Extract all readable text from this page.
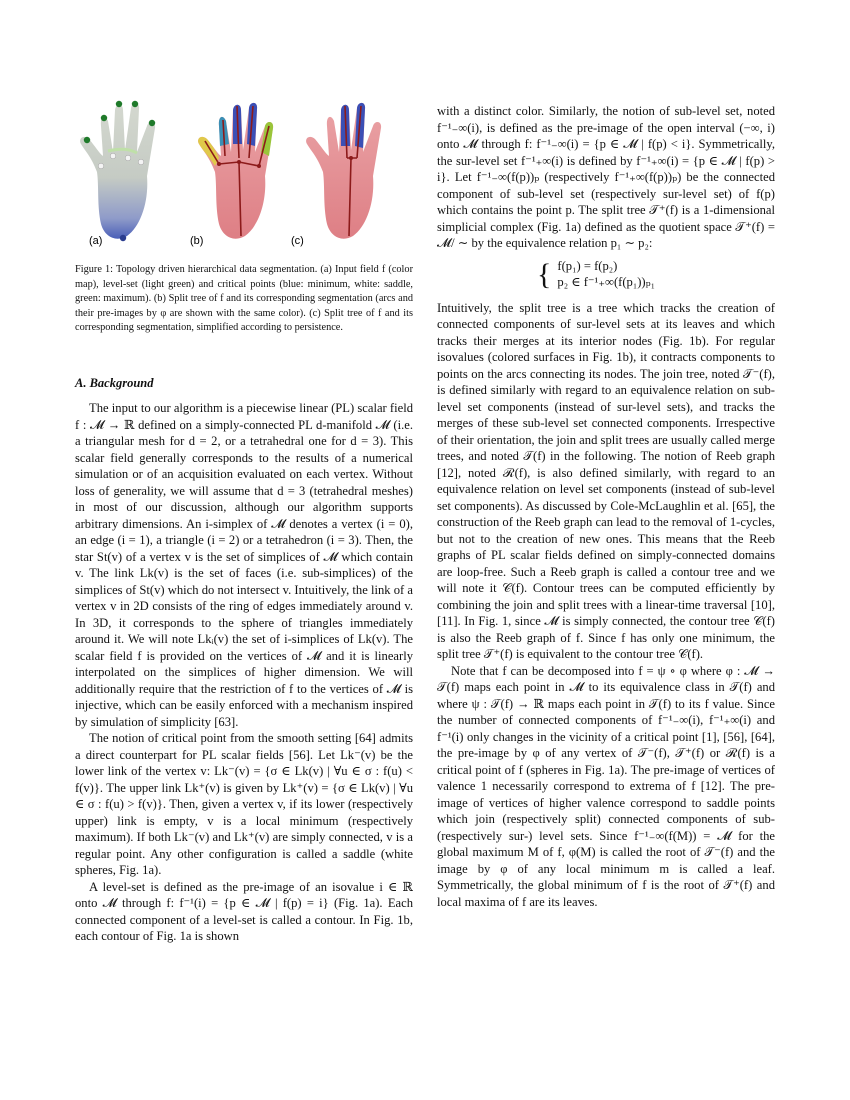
(a)	(b)	(c)

Figure 1: Topology driven hierarchical data segmentation. (a) Input field f (color map), level-set (light green) and critical points (blue: minimum, white: saddle, green: maximum). (b) Split tree of f and its corresponding segmentation (arcs and their pre-images by φ are shown with the same color). (c) Split tree of f and its corresponding segmentation, simplified according to persistence.

A. Background

The input to our algorithm is a piecewise linear (PL) scalar field f : 𝓜 → ℝ defined on a simply-connected PL d-manifold 𝓜 (i.e. a triangular mesh for d = 2, or a tetrahedral one for d = 3). This scalar field generally corresponds to the results of a numerical simulation or of an acquisition evaluated on each vertex. Without loss of generality, we will assume that d = 3 (tetrahedral meshes) in most of our discussion, although our algorithm supports arbitrary dimensions. An i-simplex of 𝓜 denotes a vertex (i = 0), an edge (i = 1), a triangle (i = 2) or a tetrahedron (i = 3). Then, the star St(v) of a vertex v is the set of simplices of 𝓜 which contain v. The link Lk(v) is the set of faces (i.e. sub-simplices) of the simplices of St(v) which do not intersect v. Intuitively, the link of a vertex v in 2D consists of the ring of edges immediately around v. In 3D, it corresponds to the sphere of triangles immediately around it. We will note Lkᵢ(v) the set of i-simplices of Lk(v). The scalar field f is provided on the vertices of 𝓜 and it is linearly interpolated on the simplices of higher dimension. We will additionally require that the restriction of f to the vertices of 𝓜 is injective, which can be easily enforced with a mechanism inspired by simulation of simplicity [63].

The notion of critical point from the smooth setting [64] admits a direct counterpart for PL scalar fields [56]. Let Lk⁻(v) be the lower link of the vertex v: Lk⁻(v) = {σ ∈ Lk(v) | ∀u ∈ σ : f(u) < f(v)}. The upper link Lk⁺(v) is given by Lk⁺(v) = {σ ∈ Lk(v) | ∀u ∈ σ : f(u) > f(v)}. Then, given a vertex v, if its lower (respectively upper) link is empty, v is a local minimum (respectively maximum). If both Lk⁻(v) and Lk⁺(v) are simply connected, v is a regular point. Any other configuration is called a saddle (white spheres, Fig. 1a).

A level-set is defined as the pre-image of an isovalue i ∈ ℝ onto 𝓜 through f: f⁻¹(i) = {p ∈ 𝓜 | f(p) = i} (Fig. 1a). Each connected component of a level-set is called a contour. In Fig. 1b, each contour of Fig. 1a is shown

with a distinct color. Similarly, the notion of sub-level set, noted f⁻¹₋∞(i), is defined as the pre-image of the open interval (−∞, i) onto 𝓜 through f: f⁻¹₋∞(i) = {p ∈ 𝓜 | f(p) < i}. Symmetrically, the sur-level set f⁻¹₊∞(i) is defined by f⁻¹₊∞(i) = {p ∈ 𝓜 | f(p) > i}. Let f⁻¹₋∞(f(p))ₚ (respectively f⁻¹₊∞(f(p))ₚ) be the connected component of sub-level set (respectively sur-level set) of f(p) which contains the point p. The split tree 𝒯⁺(f) is a 1-dimensional simplicial complex (Fig. 1a) defined as the quotient space 𝒯⁺(f) = 𝓜/ ∼ by the equivalence relation p₁ ∼ p₂:

{ f(p₁) = f(p₂)
p₂ ∈ f⁻¹₊∞(f(p₁))ₚ₁

Intuitively, the split tree is a tree which tracks the creation of connected components of sur-level sets at its leaves and which tracks their merges at its interior nodes (Fig. 1b). For regular isovalues (colored surfaces in Fig. 1b), it contracts components to points on the arcs connecting its nodes. The join tree, noted 𝒯⁻(f), is defined similarly with regard to an equivalence relation on sub-level set components (instead of sur-level sets), and tracks the merges of these sub-level set connected components. Irrespective of their orientation, the join and split trees are usually called merge trees, and noted 𝒯(f) in the following. The notion of Reeb graph [12], noted ℛ(f), is also defined similarly, with regard to an equivalence relation on level set components (instead of sub-level set components). As discussed by Cole-McLaughlin et al. [65], the construction of the Reeb graph can lead to the removal of 1-cycles, but not to the creation of new ones. This means that the Reeb graphs of PL scalar fields defined on simply-connected domains are loop-free. Such a Reeb graph is called a contour tree and we will note it 𝒞(f). Contour trees can be computed efficiently by combining the join and split trees with a linear-time traversal [10], [11]. In Fig. 1, since 𝓜 is simply connected, the contour tree 𝒞(f) is also the Reeb graph of f. Since f has only one minimum, the split tree 𝒯⁺(f) is equivalent to the contour tree 𝒞(f).

Note that f can be decomposed into f = ψ ∘ φ where φ : 𝓜 → 𝒯(f) maps each point in 𝓜 to its equivalence class in 𝒯(f) and where ψ : 𝒯(f) → ℝ maps each point in 𝒯(f) to its f value. Since the number of connected components of f⁻¹₋∞(i), f⁻¹₊∞(i) and f⁻¹(i) only changes in the vicinity of a critical point [1], [56], [64], the pre-image by φ of any vertex of 𝒯⁻(f), 𝒯⁺(f) or ℛ(f) is a critical point of f (spheres in Fig. 1a). The pre-image of vertices of valence 1 necessarily correspond to extrema of f [12]. The pre-image of vertices of higher valence correspond to saddle points which join (respectively split) connected components of sub- (respectively sur-) level sets. Since f⁻¹₋∞(f(M)) = 𝓜 for the global maximum M of f, φ(M) is called the root of 𝒯⁻(f) and the image by φ of any local minimum m is called a leaf. Symmetrically, the global minimum of f is the root of 𝒯⁺(f) and local maxima of f are its leaves.
